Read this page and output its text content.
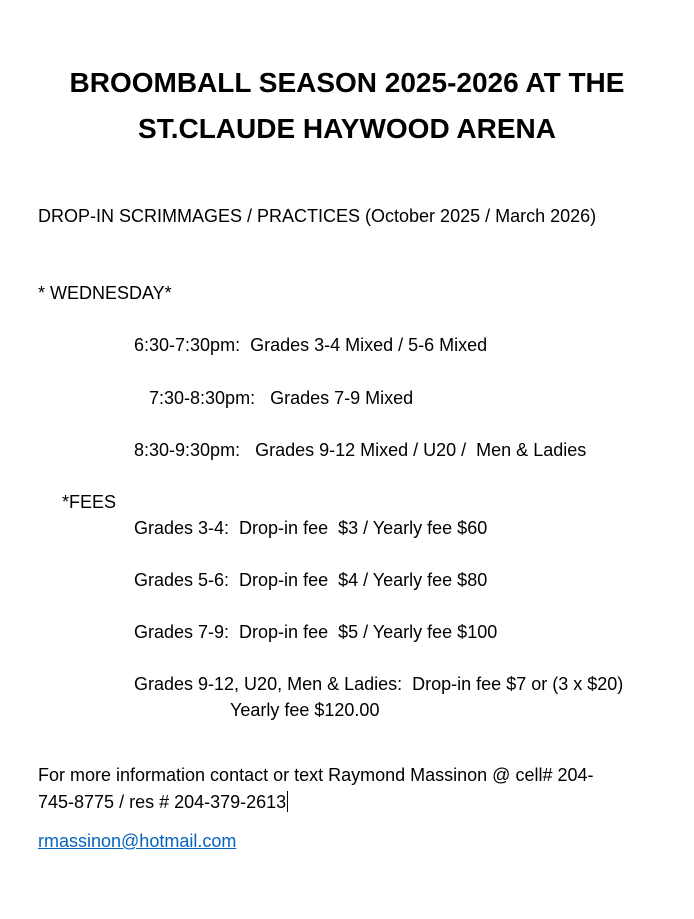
BROOMBALL SEASON 2025-2026 AT THE
ST.CLAUDE HAYWOOD ARENA
DROP-IN SCRIMMAGES / PRACTICES (October 2025 / March 2026)
* WEDNESDAY*
6:30-7:30pm:  Grades 3-4 Mixed / 5-6 Mixed
7:30-8:30pm:   Grades 7-9 Mixed
8:30-9:30pm:   Grades 9-12 Mixed / U20 /  Men & Ladies
*FEES
Grades 3-4:  Drop-in fee  $3 / Yearly fee $60
Grades 5-6:  Drop-in fee  $4 / Yearly fee $80
Grades 7-9:  Drop-in fee  $5 / Yearly fee $100
Grades 9-12, U20, Men & Ladies:  Drop-in fee $7 or (3 x $20)
Yearly fee $120.00
For more information contact or text Raymond Massinon @ cell# 204-
745-8775 / res # 204-379-2613
rmassinon@hotmail.com
